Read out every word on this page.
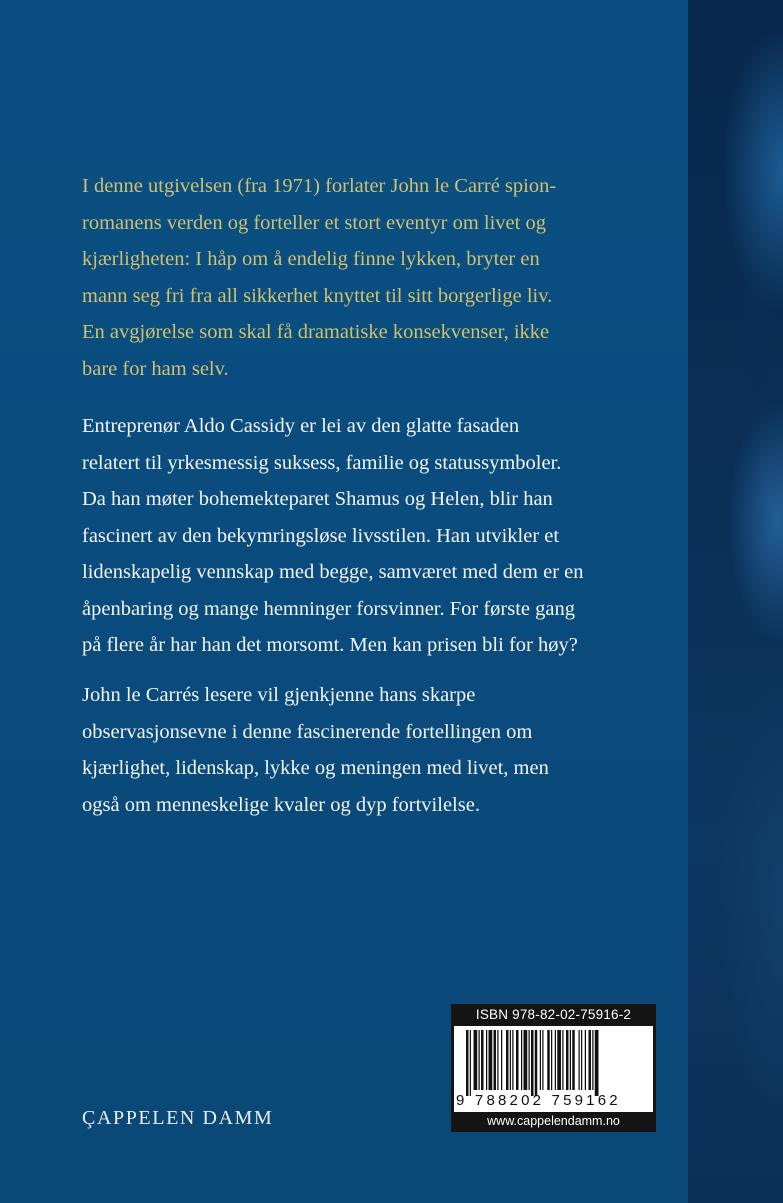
I denne utgivelsen (fra 1971) forlater John le Carré spion-
romanens verden og forteller et stort eventyr om livet og
kjærligheten: I håp om å endelig finne lykken, bryter en
mann seg fri fra all sikkerhet knyttet til sitt borgerlige liv.
En avgjørelse som skal få dramatiske konsekvenser, ikke
bare for ham selv.

Entreprenør Aldo Cassidy er lei av den glatte fasaden
relatert til yrkesmessig suksess, familie og statussymboler.
Da han møter bohemekteparet Shamus og Helen, blir han
fascinert av den bekymringsløse livsstilen. Han utvikler et
lidenskapelig vennskap med begge, samværet med dem er en
åpenbaring og mange hemninger forsvinner. For første gang
på flere år har han det morsomt. Men kan prisen bli for høy?

John le Carrés lesere vil gjenkjenne hans skarpe
observasjonsevne i denne fascinerende fortellingen om
kjærlighet, lidenskap, lykke og meningen med livet, men
også om menneskelige kvaler og dyp fortvilelse.

ÇAPPELEN DAMM
ISBN 978-82-02-75916-2
9 788202 759162
www.cappelendamm.no
